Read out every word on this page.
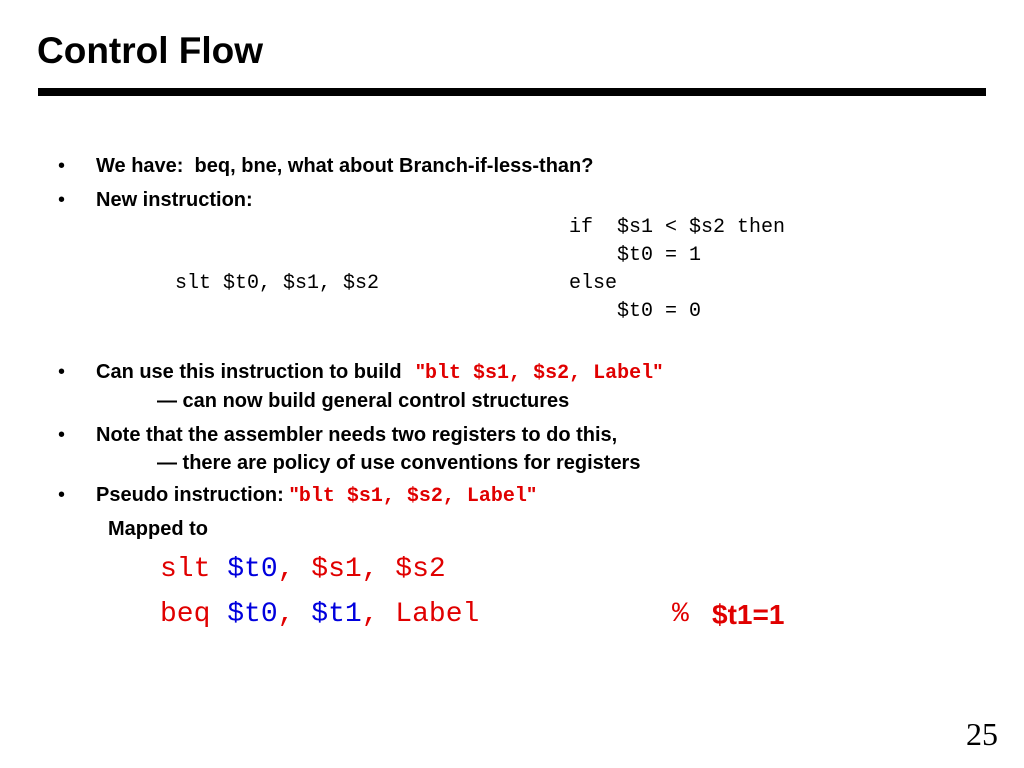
Control Flow
• We have:  beq, bne, what about Branch-if-less-than?
• New instruction:
if  $s1 < $s2 then
$t0 = 1
slt $t0, $s1, $s2	else
$t0 = 0
• Can use this instruction to build "blt $s1, $s2, Label"
— can now build general control structures
• Note that the assembler needs two registers to do this,
— there are policy of use conventions for registers
• Pseudo instruction: "blt $s1, $s2, Label"
Mapped to
slt $t0, $s1, $s2
beq $t0, $t1, Label	% $t1=1
25
